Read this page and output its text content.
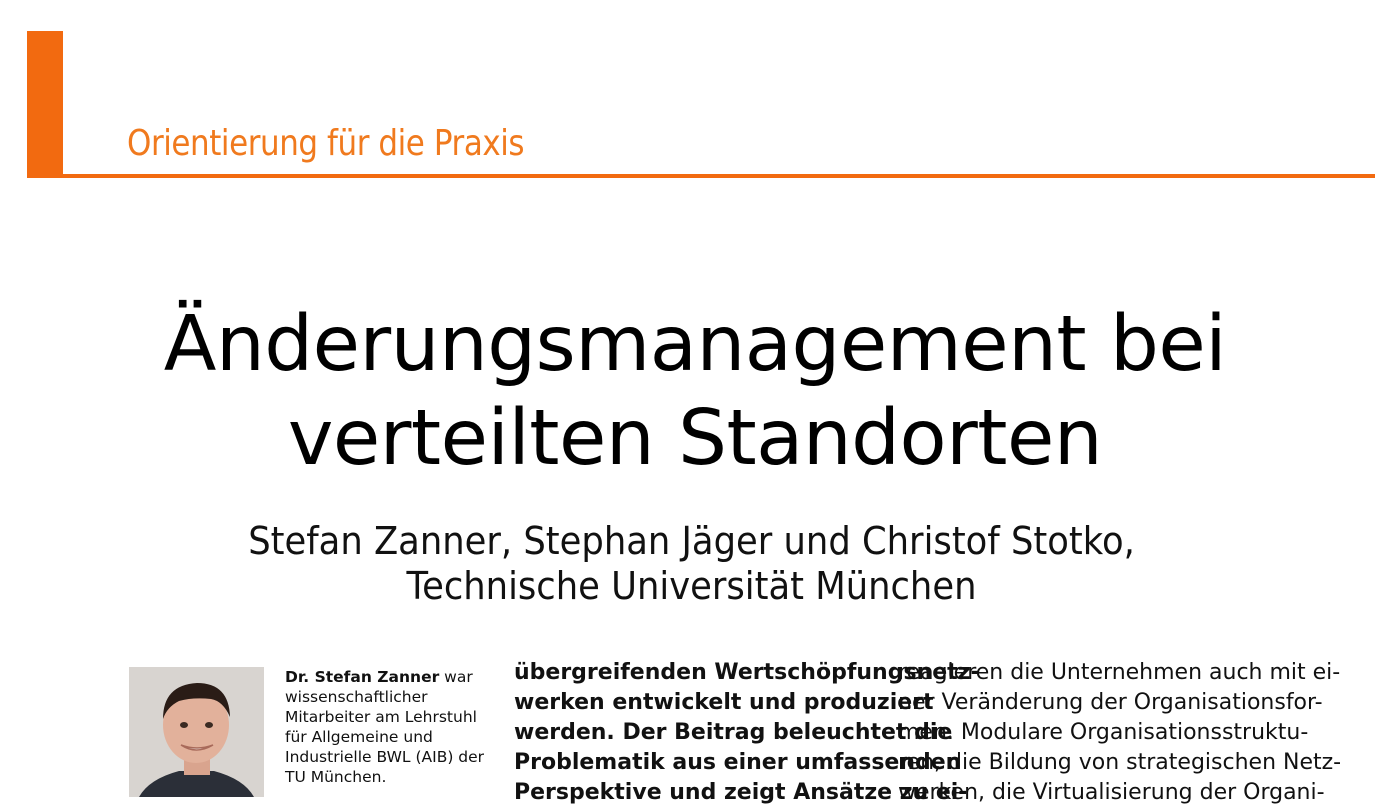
Orientierung für die Praxis
Änderungsmanagement bei
verteilten Standorten
Stefan Zanner, Stephan Jäger und Christof Stotko,
Technische Universität München
Dr. Stefan Zanner war wissenschaftlicher Mitarbeiter am Lehrstuhl für Allgemeine und Industrielle BWL (AIB) der TU München.
übergreifenden Wertschöpfungsnetz-
werken entwickelt und produziert
werden. Der Beitrag beleuchtet die
Problematik aus einer umfassenden
Perspektive und zeigt Ansätze zu ei-
reagieren die Unternehmen auch mit ei-
ner Veränderung der Organisationsfor-
men. Modulare Organisationsstruktu-
ren, die Bildung von strategischen Netz-
werken, die Virtualisierung der Organi-
